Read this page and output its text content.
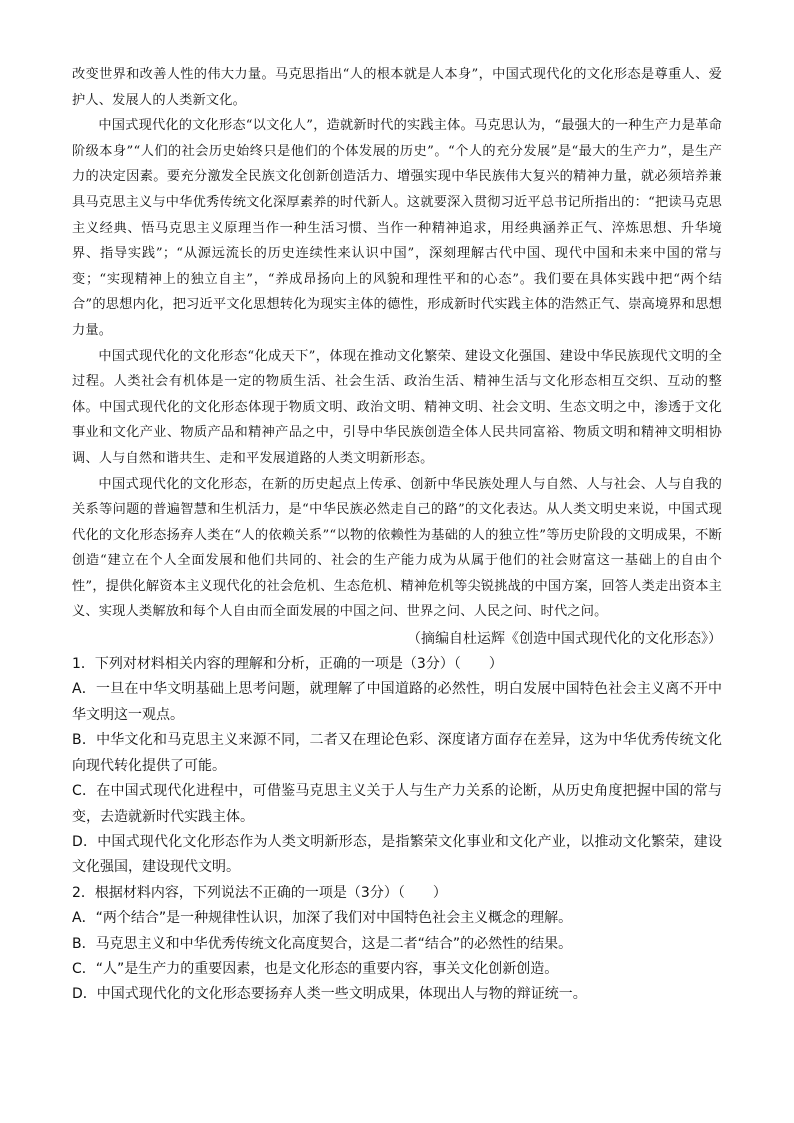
改变世界和改善人性的伟大力量。马克思指出“人的根本就是人本身”，中国式现代化的文化形态是尊重人、爱护人、发展人的人类新文化。

中国式现代化的文化形态“以文化人”，造就新时代的实践主体。马克思认为，“最强大的一种生产力是革命阶级本身”“人们的社会历史始终只是他们的个体发展的历史”。“个人的充分发展”是“最大的生产力”，是生产力的决定因素。要充分激发全民族文化创新创造活力、增强实现中华民族伟大复兴的精神力量，就必须培养兼具马克思主义与中华优秀传统文化深厚素养的时代新人。这就要深入贯彻习近平总书记所指出的：“把读马克思主义经典、悟马克思主义原理当作一种生活习惯、当作一种精神追求，用经典涵养正气、淬炼思想、升华境界、指导实践”；“从源远流长的历史连续性来认识中国”，深刻理解古代中国、现代中国和未来中国的常与变；“实现精神上的独立自主”，“养成昂扬向上的风貌和理性平和的心态”。我们要在具体实践中把“两个结合”的思想内化，把习近平文化思想转化为现实主体的德性，形成新时代实践主体的浩然正气、崇高境界和思想力量。

中国式现代化的文化形态“化成天下”，体现在推动文化繁荣、建设文化强国、建设中华民族现代文明的全过程。人类社会有机体是一定的物质生活、社会生活、政治生活、精神生活与文化形态相互交织、互动的整体。中国式现代化的文化形态体现于物质文明、政治文明、精神文明、社会文明、生态文明之中，渗透于文化事业和文化产业、物质产品和精神产品之中，引导中华民族创造全体人民共同富裕、物质文明和精神文明相协调、人与自然和谐共生、走和平发展道路的人类文明新形态。

中国式现代化的文化形态，在新的历史起点上传承、创新中华民族处理人与自然、人与社会、人与自我的关系等问题的普遍智慧和生机活力，是“中华民族必然走自己的路”的文化表达。从人类文明史来说，中国式现代化的文化形态扬弃人类在“人的依赖关系”“以物的依赖性为基础的人的独立性”等历史阶段的文明成果，不断创造“建立在个人全面发展和他们共同的、社会的生产能力成为从属于他们的社会财富这一基础上的自由个性”，提供化解资本主义现代化的社会危机、生态危机、精神危机等尖锐挑战的中国方案，回答人类走出资本主义、实现人类解放和每个人自由而全面发展的中国之问、世界之问、人民之问、时代之问。

（摘编自杜运辉《创造中国式现代化的文化形态》）

1．下列对材料相关内容的理解和分析，正确的一项是（3分）（　　）

A．一旦在中华文明基础上思考问题，就理解了中国道路的必然性，明白发展中国特色社会主义离不开中华文明这一观点。

B．中华文化和马克思主义来源不同，二者又在理论色彩、深度诸方面存在差异，这为中华优秀传统文化向现代转化提供了可能。

C．在中国式现代化进程中，可借鉴马克思主义关于人与生产力关系的论断，从历史角度把握中国的常与变，去造就新时代实践主体。

D．中国式现代化文化形态作为人类文明新形态，是指繁荣文化事业和文化产业，以推动文化繁荣，建设文化强国，建设现代文明。

2．根据材料内容，下列说法不正确的一项是（3分）（　　）

A．“两个结合”是一种规律性认识，加深了我们对中国特色社会主义概念的理解。

B．马克思主义和中华优秀传统文化高度契合，这是二者“结合”的必然性的结果。

C．“人”是生产力的重要因素，也是文化形态的重要内容，事关文化创新创造。

D．中国式现代化的文化形态要扬弃人类一些文明成果，体现出人与物的辩证统一。
